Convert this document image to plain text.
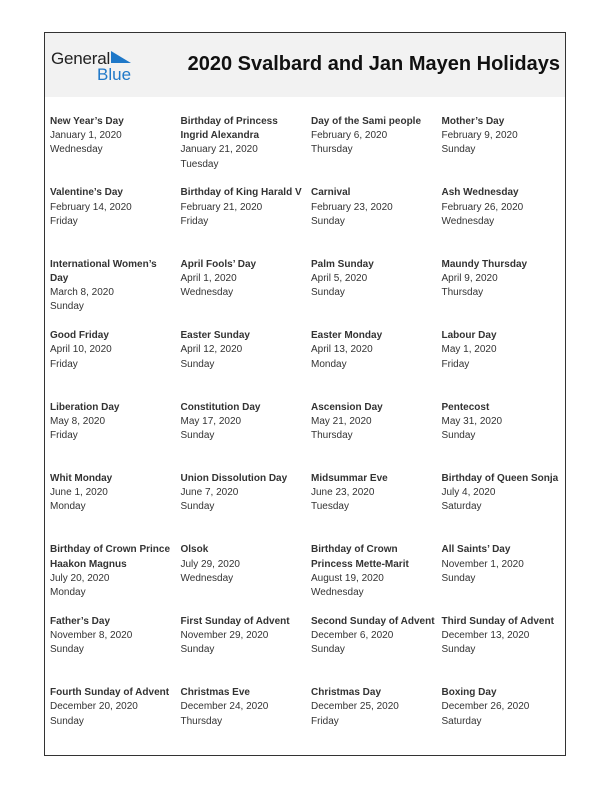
General
Blue	2020 Svalbard and Jan Mayen Holidays
New Year’s Day
January 1, 2020
Wednesday
Birthday of Princess Ingrid Alexandra
January 21, 2020
Tuesday
Day of the Sami people
February 6, 2020
Thursday
Mother’s Day
February 9, 2020
Sunday
Valentine’s Day
February 14, 2020
Friday
Birthday of King Harald V
February 21, 2020
Friday
Carnival
February 23, 2020
Sunday
Ash Wednesday
February 26, 2020
Wednesday
International Women’s Day
March 8, 2020
Sunday
April Fools’ Day
April 1, 2020
Wednesday
Palm Sunday
April 5, 2020
Sunday
Maundy Thursday
April 9, 2020
Thursday
Good Friday
April 10, 2020
Friday
Easter Sunday
April 12, 2020
Sunday
Easter Monday
April 13, 2020
Monday
Labour Day
May 1, 2020
Friday
Liberation Day
May 8, 2020
Friday
Constitution Day
May 17, 2020
Sunday
Ascension Day
May 21, 2020
Thursday
Pentecost
May 31, 2020
Sunday
Whit Monday
June 1, 2020
Monday
Union Dissolution Day
June 7, 2020
Sunday
Midsummar Eve
June 23, 2020
Tuesday
Birthday of Queen Sonja
July 4, 2020
Saturday
Birthday of Crown Prince Haakon Magnus
July 20, 2020
Monday
Olsok
July 29, 2020
Wednesday
Birthday of Crown Princess Mette-Marit
August 19, 2020
Wednesday
All Saints’ Day
November 1, 2020
Sunday
Father’s Day
November 8, 2020
Sunday
First Sunday of Advent
November 29, 2020
Sunday
Second Sunday of Advent
December 6, 2020
Sunday
Third Sunday of Advent
December 13, 2020
Sunday
Fourth Sunday of Advent
December 20, 2020
Sunday
Christmas Eve
December 24, 2020
Thursday
Christmas Day
December 25, 2020
Friday
Boxing Day
December 26, 2020
Saturday
